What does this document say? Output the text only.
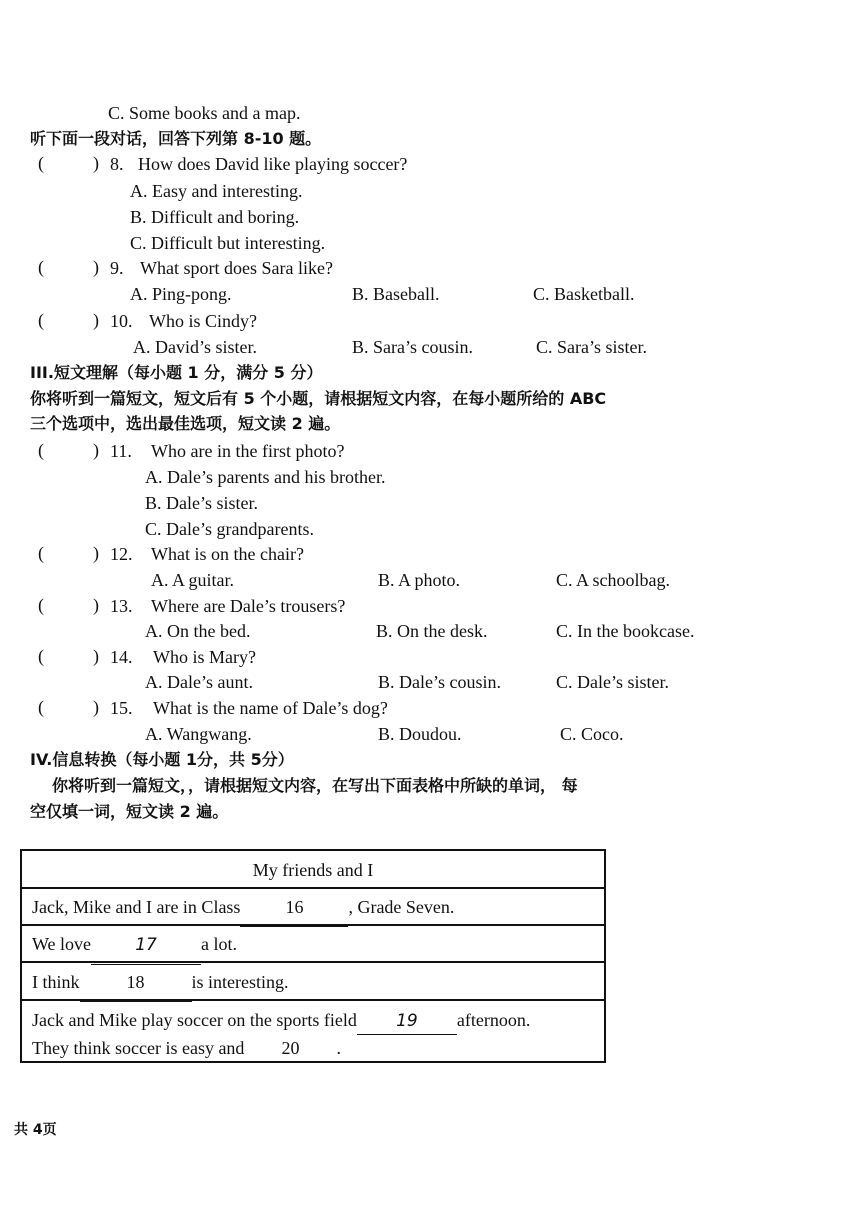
C. Some books and a map.
听下面一段对话，回答下列第 8-10 题。
(	) 8. How does David like playing soccer?
A. Easy and interesting.
B. Difficult and boring.
C. Difficult but interesting.
(	) 9. What sport does Sara like?
A. Ping-pong.	B. Baseball.	C. Basketball.
(	) 10. Who is Cindy?
A. David’s sister.	B. Sara’s cousin.	C. Sara’s sister.
III.短文理解（每小题 1 分，满分 5 分）
你将听到一篇短文，短文后有 5 个小题，请根据短文内容，在每小题所给的 ABC
三个选项中，选出最佳选项，短文读 2 遍。
(	) 11. Who are in the first photo?
A. Dale’s parents and his brother.
B. Dale’s sister.
C. Dale’s grandparents.
(	) 12. What is on the chair?
A. A guitar.	B. A photo.	C. A schoolbag.
(	) 13. Where are Dale’s trousers?
A. On the bed.	B. On the desk.	C. In the bookcase.
(	) 14. Who is Mary?
A. Dale’s aunt.	B. Dale’s cousin.	C. Dale’s sister.
(	) 15. What is the name of Dale’s dog?
A. Wangwang.	B. Doudou.	C. Coco.
IV.信息转换（每小题 1分，共 5分）
你将听到一篇短文，，请根据短文内容，在写出下面表格中所缺的单词， 每
空仅填一词，短文读 2 遍。
My friends and I
Jack, Mike and I are in Class	16	, Grade Seven.
We love	17 a lot.
I think	18	is interesting.
Jack and Mike play soccer on the sports field 19 afternoon.
They think soccer is easy and 20 .
共 4页
